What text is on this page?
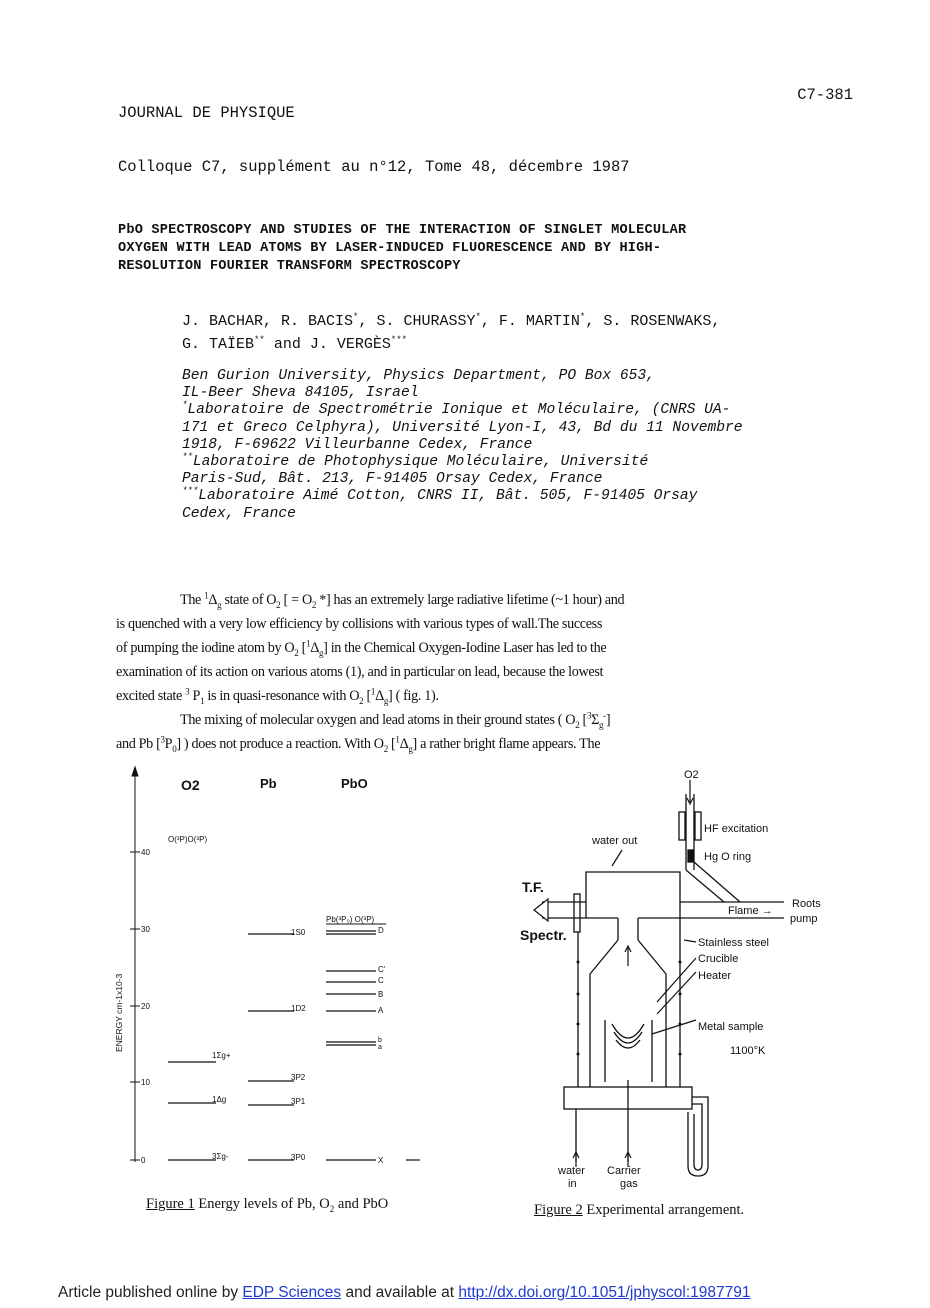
JOURNAL DE PHYSIQUE

Colloque C7, supplément au n°12, Tome 48, décembre 1987

C7-381
PbO SPECTROSCOPY AND STUDIES OF THE INTERACTION OF SINGLET MOLECULAR
OXYGEN WITH LEAD ATOMS BY LASER-INDUCED FLUORESCENCE AND BY HIGH-
RESOLUTION FOURIER TRANSFORM SPECTROSCOPY
J. BACHAR, R. BACIS*, S. CHURASSY*, F. MARTIN*, S. ROSENWAKS,
G. TAÏEB** and J. VERGÈS***
Ben Gurion University, Physics Department, PO Box 653,
IL-Beer Sheva 84105, Israel
*Laboratoire de Spectrométrie Ionique et Moléculaire, (CNRS UA-
171 et Greco Celphyra), Université Lyon-I, 43, Bd du 11 Novembre
1918, F-69622 Villeurbanne Cedex, France
**Laboratoire de Photophysique Moléculaire, Université
Paris-Sud, Bât. 213, F-91405 Orsay Cedex, France
***Laboratoire Aimé Cotton, CNRS II, Bât. 505, F-91405 Orsay
Cedex, France
The $^1\Delta_g$ state of $O_2$ [ = $O_2$ *] has an extremely large radiative lifetime (~1 hour) and
is quenched with a very low efficiency by collisions with various types of wall.The success
of pumping the iodine atom by $O_2$ $[^1\Delta_g]$ in the Chemical Oxygen-Iodine Laser has led to the
examination of its action on various atoms (1), and in particular on lead, because the lowest
excited state $^3$ $P_1$ is in quasi-resonance with $O_2$ $[^1\Delta_g]$ ( fig. 1).
The mixing of molecular oxygen and lead atoms in their ground states ( $O_2$ $[^3\Sigma_g^-]$
and Pb $[^3P_0]$ ) does not produce a reaction. With $O_2$ $[^1\Delta_g]$ a rather bright flame appears. The
0
10
20
30
40
ENERGY cm-1x10-3
O2	Pb	PbO
O(³P)O(³P)
Pb(³P₀) O(³P)
1Σg+
1Δg
3Σg-
1S0
1D2
3P2
3P1
3P0
D
C'
C
B
A
b
a
X
Figure 1 Energy levels of Pb, $O_2$ and PbO
O2
HF excitation
Hg O ring
water out
T.F.
Spectr.
Flame →
Roots
pump
Stainless steel
Crucible
Heater
Metal sample
1100°K
water
in
Carrier
gas
Figure 2 Experimental arrangement.
Article published online by EDP Sciences and available at http://dx.doi.org/10.1051/jphyscol:1987791
